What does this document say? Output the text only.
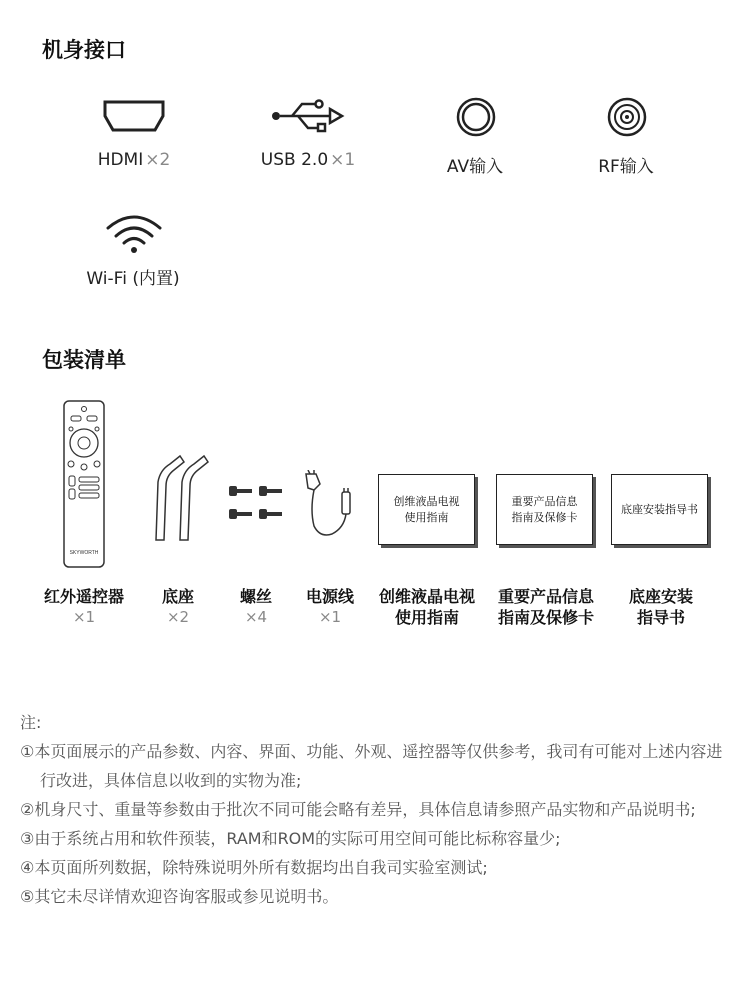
机身接口
HDMI ×2	USB 2.0 ×1	AV输入	RF输入
Wi-Fi (内置)
包装清单
SKYWORTH
创维液晶电视
使用指南
重要产品信息
指南及保修卡
底座安装指导书
红外遥控器
×1
底座
×2
螺丝
×4
电源线
×1
创维液晶电视
使用指南
重要产品信息
指南及保修卡
底座安装
指导书
注:
①本页面展示的产品参数、内容、界面、功能、外观、遥控器等仅供参考，我司有可能对上述内容进行改进，具体信息以收到的实物为准;
②机身尺寸、重量等参数由于批次不同可能会略有差异，具体信息请参照产品实物和产品说明书;
③由于系统占用和软件预装，RAM和ROM的实际可用空间可能比标称容量少;
④本页面所列数据，除特殊说明外所有数据均出自我司实验室测试;
⑤其它未尽详情欢迎咨询客服或参见说明书。
